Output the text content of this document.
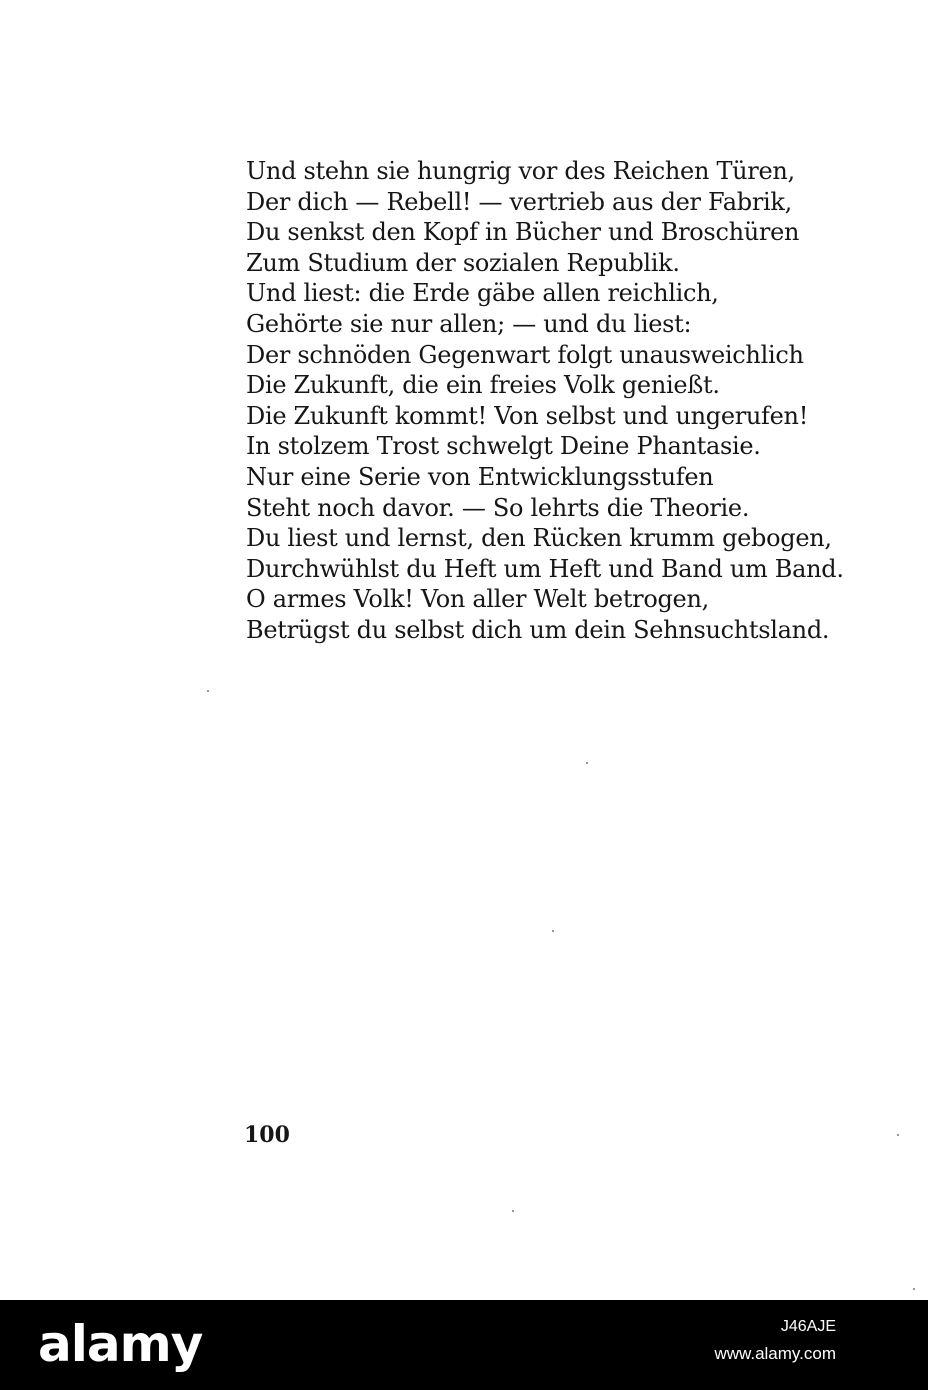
Und stehn sie hungrig vor des Reichen Türen,
Der dich — Rebell! — vertrieb aus der Fabrik,
Du senkst den Kopf in Bücher und Broschüren
Zum Studium der sozialen Republik.
Und liest: die Erde gäbe allen reichlich,
Gehörte sie nur allen; — und du liest:
Der schnöden Gegenwart folgt unausweichlich
Die Zukunft, die ein freies Volk genießt.
Die Zukunft kommt! Von selbst und ungerufen!
In stolzem Trost schwelgt Deine Phantasie.
Nur eine Serie von Entwicklungsstufen
Steht noch davor. — So lehrts die Theorie.
Du liest und lernst, den Rücken krumm gebogen,
Durchwühlst du Heft um Heft und Band um Band.
O armes Volk! Von aller Welt betrogen,
Betrügst du selbst dich um dein Sehnsuchtsland.
100
alamy	J46AJE
www.alamy.com
